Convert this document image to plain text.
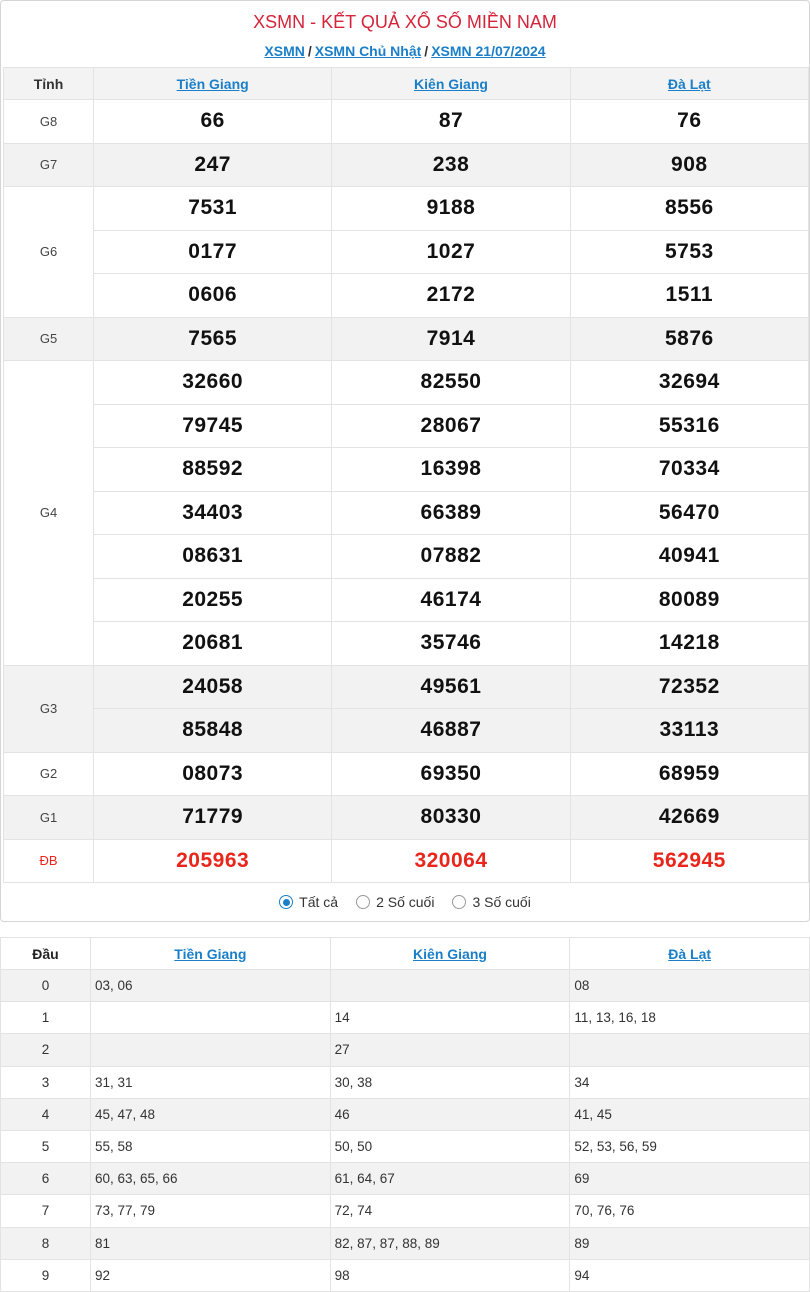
XSMN - KẾT QUẢ XỔ SỐ MIỀN NAM
XSMN / XSMN Chủ Nhật / XSMN 21/07/2024
Tỉnh	Tiền Giang	Kiên Giang	Đà Lạt
G8	66	87	76
G7	247	238	908
G6	7531	9188	8556
	0177	1027	5753
	0606	2172	1511
G5	7565	7914	5876
G4	32660	82550	32694
	79745	28067	55316
	88592	16398	70334
	34403	66389	56470
	08631	07882	40941
	20255	46174	80089
	20681	35746	14218
G3	24058	49561	72352
	85848	46887	33113
G2	08073	69350	68959
G1	71779	80330	42669
ĐB	205963	320064	562945
Tất cả	2 Số cuối	3 Số cuối
Đầu	Tiền Giang	Kiên Giang	Đà Lạt
0	03, 06		08
1		14	11, 13, 16, 18
2		27	
3	31, 31	30, 38	34
4	45, 47, 48	46	41, 45
5	55, 58	50, 50	52, 53, 56, 59
6	60, 63, 65, 66	61, 64, 67	69
7	73, 77, 79	72, 74	70, 76, 76
8	81	82, 87, 87, 88, 89	89
9	92	98	94
